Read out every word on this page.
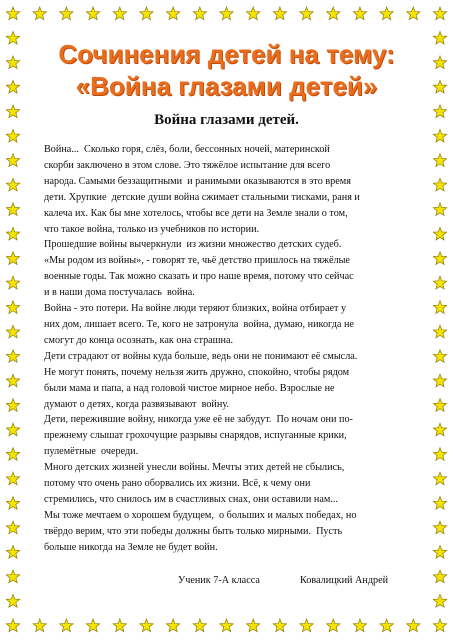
Сочинения детей на тему:
«Война глазами детей»
Война глазами детей.

Война...  Сколько горя, слёз, боли, бессонных ночей, материнской

скорби заключено в этом слове. Это тяжёлое испытание для всего

народа. Самыми беззащитными  и ранимыми оказываются в это время

дети. Хрупкие  детские души война сжимает стальными тисками, раня и

калеча их. Как бы мне хотелось, чтобы все дети на Земле знали о том,

что такое война, только из учебников по истории.

Прошедшие войны вычеркнули  из жизни множество детских судеб.

«Мы родом из войны», - говорят те, чьё детство пришлось на тяжёлые

военные годы. Так можно сказать и про наше время, потому что сейчас

и в наши дома постучалась  война.

Война - это потери. На войне люди теряют близких, война отбирает у

них дом, лишает всего. Те, кого не затронула  война, думаю, никогда не

смогут до конца осознать, как она страшна.

Дети страдают от войны куда больше, ведь они не понимают её смысла.

Не могут понять, почему нельзя жить дружно, спокойно, чтобы рядом

были мама и папа, а над головой чистое мирное небо. Взрослые не

думают о детях, когда развязывают  войну.

Дети, пережившие войну, никогда уже её не забудут.  По ночам они по-

прежнему слышат грохочущие разрывы снарядов, испуганные крики,

пулемётные  очереди.

Много детских жизней унесли войны. Мечты этих детей не сбылись,

потому что очень рано оборвались их жизни. Всё, к чему они

стремились, что снилось им в счастливых снах, они оставили нам...

Мы тоже мечтаем о хорошем будущем,  о больших и малых победах, но

твёрдо верим, что эти победы должны быть только мирными.  Пусть

больше никогда на Земле не будет войн.

Ученик 7-А класса	Ковалицкий Андрей
